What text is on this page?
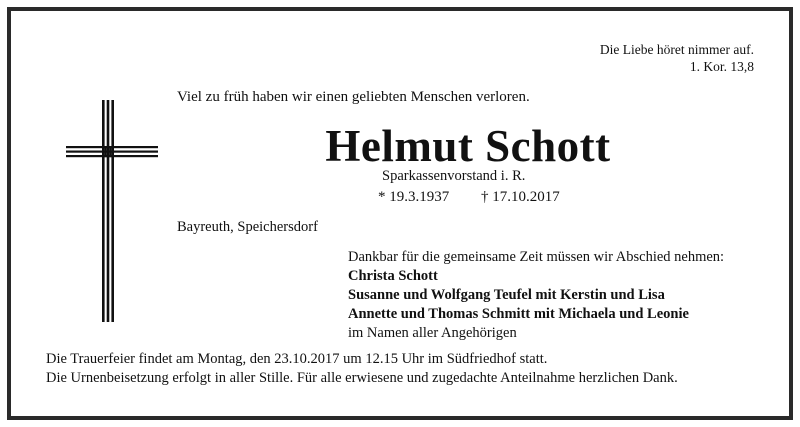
Die Liebe höret nimmer auf.
1. Kor. 13,8
Viel zu früh haben wir einen geliebten Menschen verloren.
Helmut Schott
Sparkassenvorstand i. R.
* 19.3.1937 † 17.10.2017
Bayreuth, Speichersdorf
Dankbar für die gemeinsame Zeit müssen wir Abschied nehmen:
Christa Schott
Susanne und Wolfgang Teufel mit Kerstin und Lisa
Annette und Thomas Schmitt mit Michaela und Leonie
im Namen aller Angehörigen
Die Trauerfeier findet am Montag, den 23.10.2017 um 12.15 Uhr im Südfriedhof statt.
Die Urnenbeisetzung erfolgt in aller Stille. Für alle erwiesene und zugedachte Anteilnahme herzlichen Dank.
